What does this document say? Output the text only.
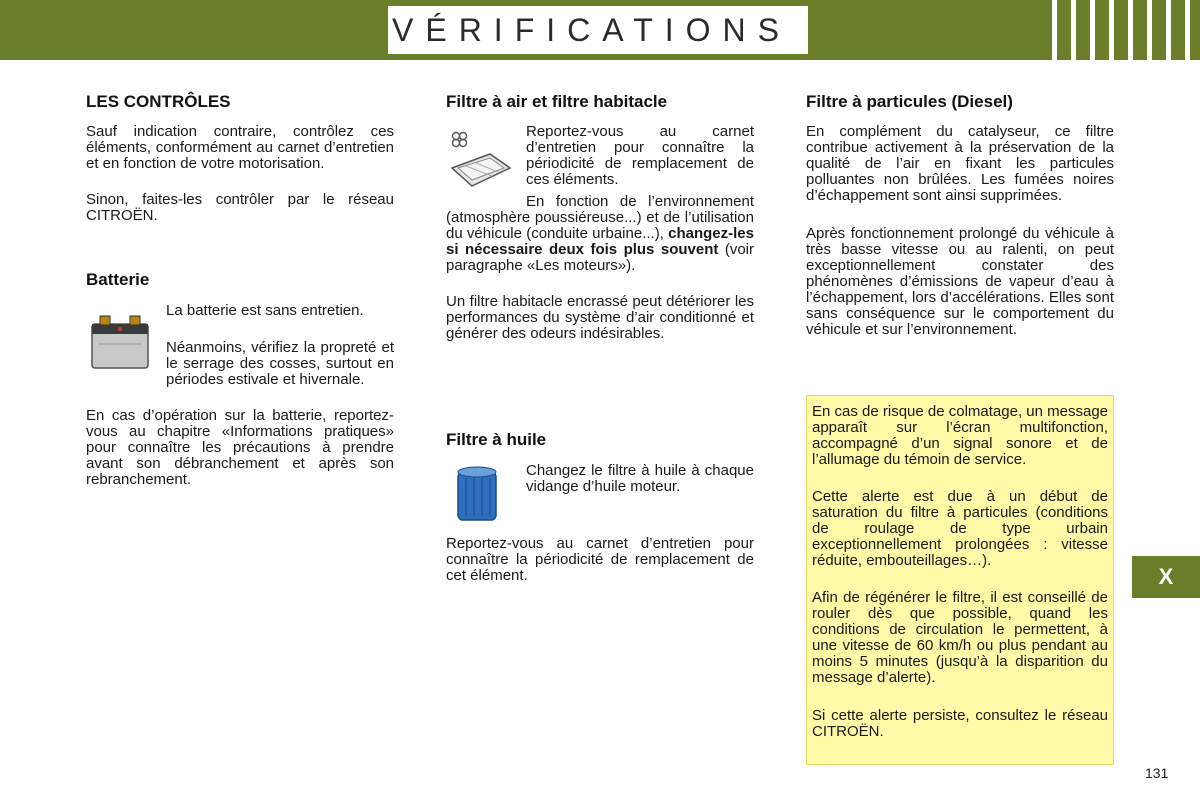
VÉRIFICATIONS
LES CONTRÔLES

Sauf indication contraire, contrôlez ces éléments, conformément au carnet d’entretien et en fonction de votre motorisation.

Sinon, faites-les contrôler par le réseau CITROËN.

Batterie

La batterie est sans entretien.

Néanmoins, vérifiez la propreté et le serrage des cosses, surtout en périodes estivale et hivernale.

En cas d’opération sur la batterie, reportez-vous au chapitre «Informations pratiques» pour connaître les précautions à prendre avant son débranchement et après son rebranchement.

Filtre à air et filtre habitacle

Reportez-vous au carnet d’entretien pour connaître la périodicité de remplacement de ces éléments.

En fonction de l’environnement (atmosphère poussiéreuse...) et de l’utilisation du véhicule (conduite urbaine...), changez-les si nécessaire deux fois plus souvent (voir paragraphe «Les moteurs»).

Un filtre habitacle encrassé peut détériorer les performances du système d’air conditionné et générer des odeurs indésirables.

Filtre à huile

Changez le filtre à huile à chaque vidange d’huile moteur.

Reportez-vous au carnet d’entretien pour connaître la périodicité de remplacement de cet élément.

Filtre à particules (Diesel)

En complément du catalyseur, ce filtre contribue activement à la préservation de la qualité de l’air en fixant les particules polluantes non brûlées. Les fumées noires d’échappement sont ainsi supprimées.

Après fonctionnement prolongé du véhicule à très basse vitesse ou au ralenti, on peut exceptionnellement constater des phénomènes d’émissions de vapeur d’eau à l’échappement, lors d’accélérations. Elles sont sans conséquence sur le comportement du véhicule et sur l’environnement.

En cas de risque de colmatage, un message apparaît sur l’écran multifonction, accompagné d’un signal sonore et de l’allumage du témoin de service.

Cette alerte est due à un début de saturation du filtre à particules (conditions de roulage de type urbain exceptionnellement prolongées : vitesse réduite, embouteillages…).

Afin de régénérer le filtre, il est conseillé de rouler dès que possible, quand les conditions de circulation le permettent, à une vitesse de 60 km/h ou plus pendant au moins 5 minutes (jusqu’à la disparition du message d’alerte).

Si cette alerte persiste, consultez le réseau CITROËN.

X
131
